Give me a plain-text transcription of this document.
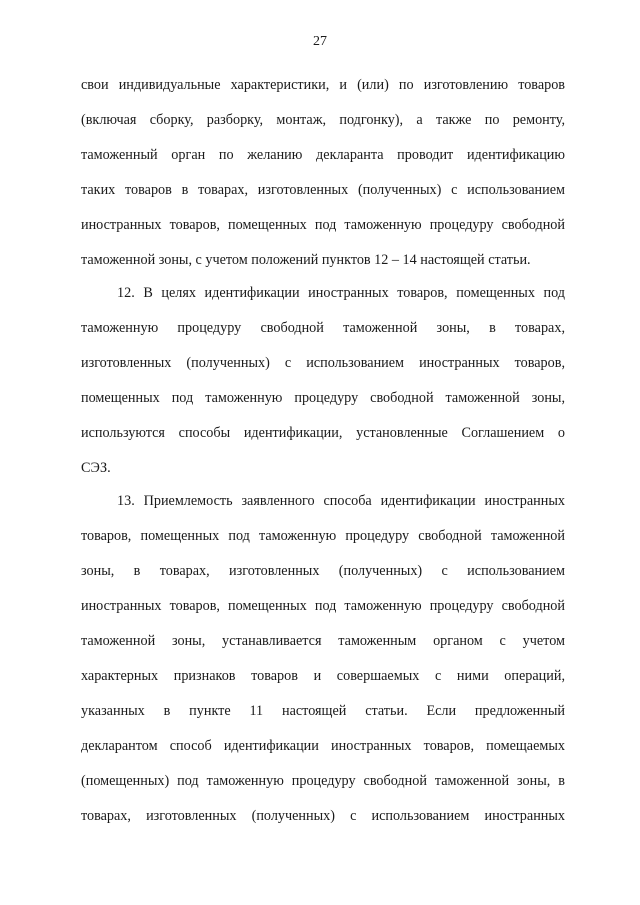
27
свои индивидуальные характеристики, и (или) по изготовлению товаров
(включая сборку, разборку, монтаж, подгонку), а также по ремонту,
таможенный орган по желанию декларанта проводит идентификацию
таких товаров в товарах, изготовленных (полученных) с использованием
иностранных товаров, помещенных под таможенную процедуру свободной
таможенной зоны, с учетом положений пунктов 12 – 14 настоящей статьи.
12. В целях идентификации иностранных товаров, помещенных под
таможенную процедуру свободной таможенной зоны, в товарах,
изготовленных (полученных) с использованием иностранных товаров,
помещенных под таможенную процедуру свободной таможенной зоны,
используются способы идентификации, установленные Соглашением о
СЭЗ.
13. Приемлемость заявленного способа идентификации иностранных
товаров, помещенных под таможенную процедуру свободной таможенной
зоны, в товарах, изготовленных (полученных) с использованием
иностранных товаров, помещенных под таможенную процедуру свободной
таможенной зоны, устанавливается таможенным органом с учетом
характерных признаков товаров и совершаемых с ними операций,
указанных в пункте 11 настоящей статьи. Если предложенный
декларантом способ идентификации иностранных товаров, помещаемых
(помещенных) под таможенную процедуру свободной таможенной зоны, в
товарах, изготовленных (полученных) с использованием иностранных
